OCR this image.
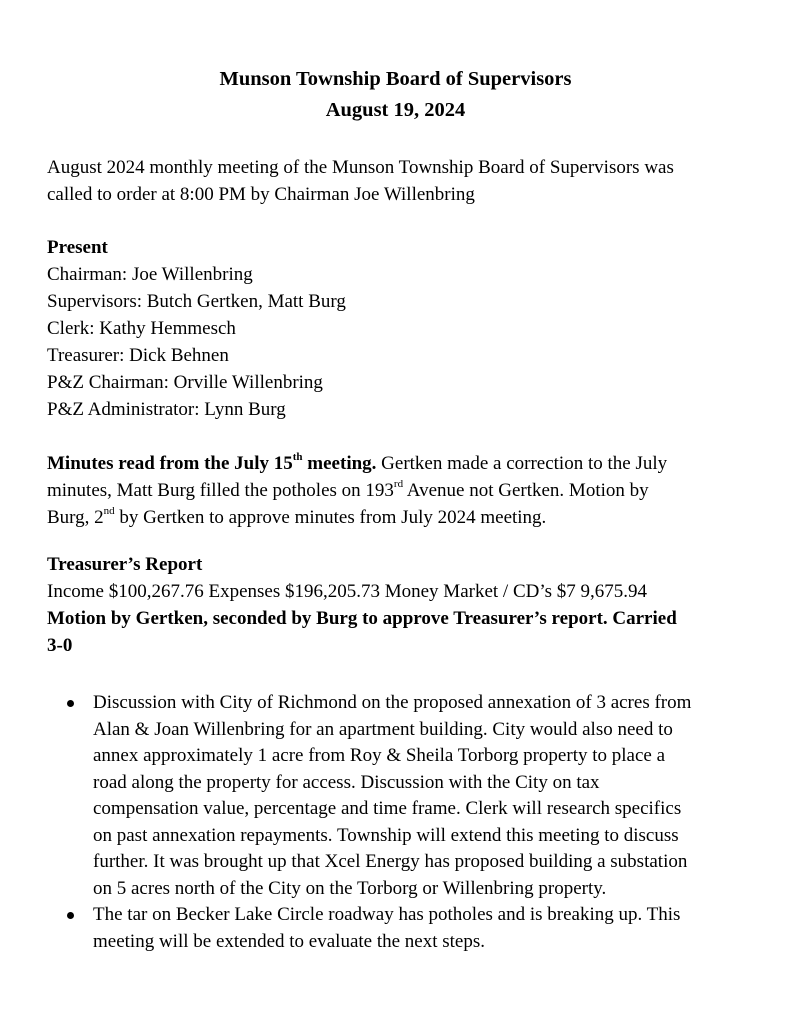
Munson Township Board of Supervisors
August 19, 2024
August 2024 monthly meeting of the Munson Township Board of Supervisors was
called to order at 8:00 PM by Chairman Joe Willenbring
Present
Chairman: Joe Willenbring
Supervisors: Butch Gertken, Matt Burg
Clerk: Kathy Hemmesch
Treasurer: Dick Behnen
P&Z Chairman: Orville Willenbring
P&Z Administrator: Lynn Burg
Minutes read from the July 15th meeting. Gertken made a correction to the July
minutes, Matt Burg filled the potholes on 193rd Avenue not Gertken. Motion by
Burg, 2nd by Gertken to approve minutes from July 2024 meeting.
Treasurer’s Report
Income $100,267.76 Expenses $196,205.73 Money Market / CD’s $7 9,675.94
Motion by Gertken, seconded by Burg to approve Treasurer’s report. Carried
3-0
Discussion with City of Richmond on the proposed annexation of 3 acres from
Alan & Joan Willenbring for an apartment building. City would also need to
annex approximately 1 acre from Roy & Sheila Torborg property to place a
road along the property for access. Discussion with the City on tax
compensation value, percentage and time frame. Clerk will research specifics
on past annexation repayments. Township will extend this meeting to discuss
further. It was brought up that Xcel Energy has proposed building a substation
on 5 acres north of the City on the Torborg or Willenbring property.
The tar on Becker Lake Circle roadway has potholes and is breaking up. This
meeting will be extended to evaluate the next steps.
